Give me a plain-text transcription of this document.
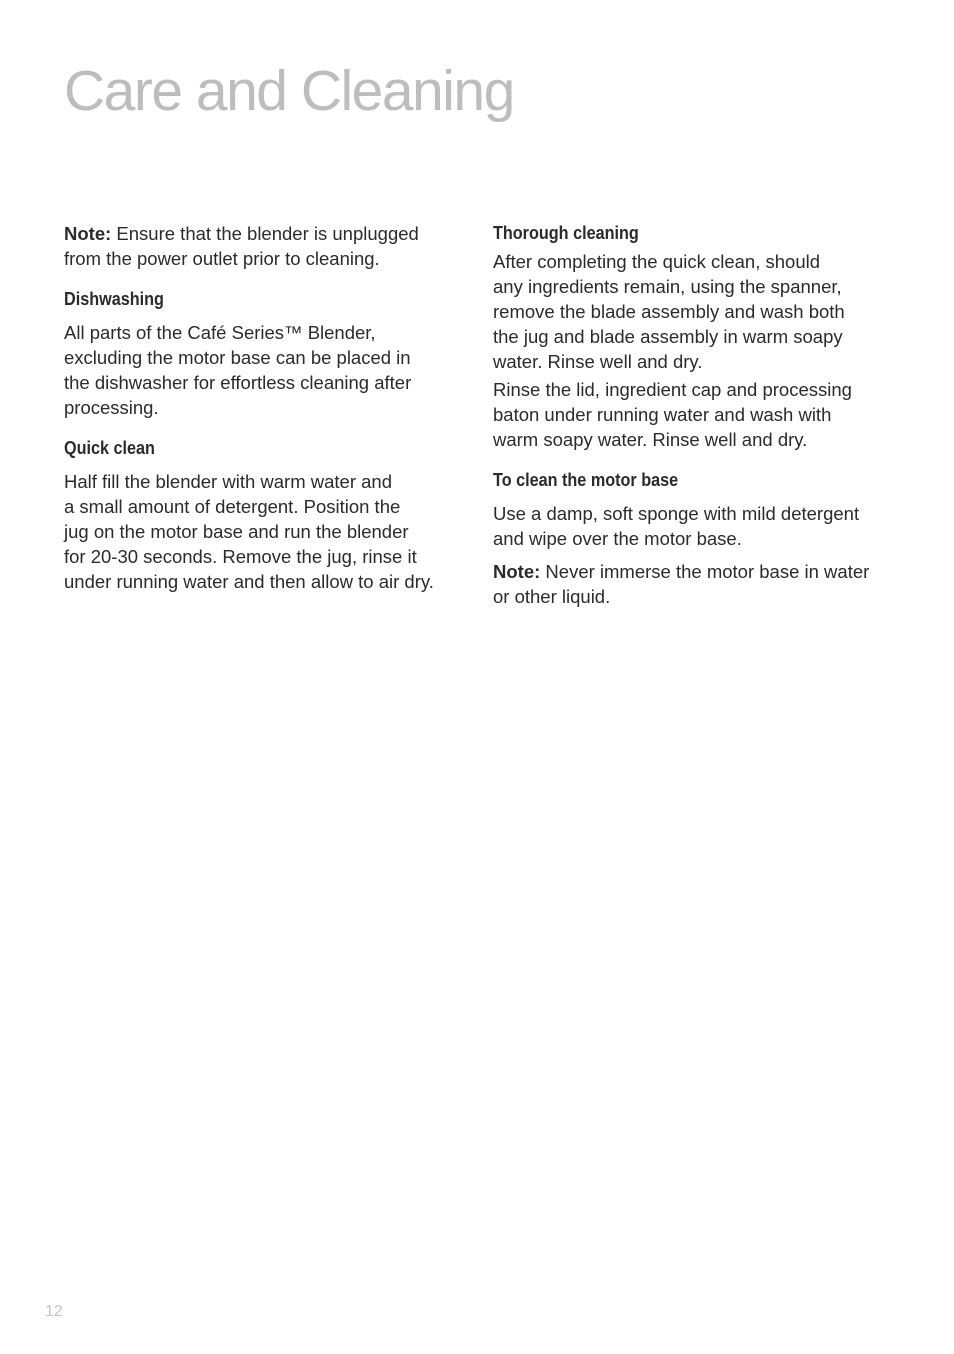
Care and Cleaning

Note: Ensure that the blender is unplugged
from the power outlet prior to cleaning.

Dishwashing

All parts of the Café Series™ Blender,
excluding the motor base can be placed in
the dishwasher for effortless cleaning after
processing.

Quick clean

Half fill the blender with warm water and
a small amount of detergent. Position the
jug on the motor base and run the blender
for 20-30 seconds. Remove the jug, rinse it
under running water and then allow to air dry.

Thorough cleaning

After completing the quick clean, should
any ingredients remain, using the spanner,
remove the blade assembly and wash both
the jug and blade assembly in warm soapy
water. Rinse well and dry.

Rinse the lid, ingredient cap and processing
baton under running water and wash with
warm soapy water. Rinse well and dry.

To clean the motor base

Use a damp, soft sponge with mild detergent
and wipe over the motor base.

Note: Never immerse the motor base in water
or other liquid.

12
